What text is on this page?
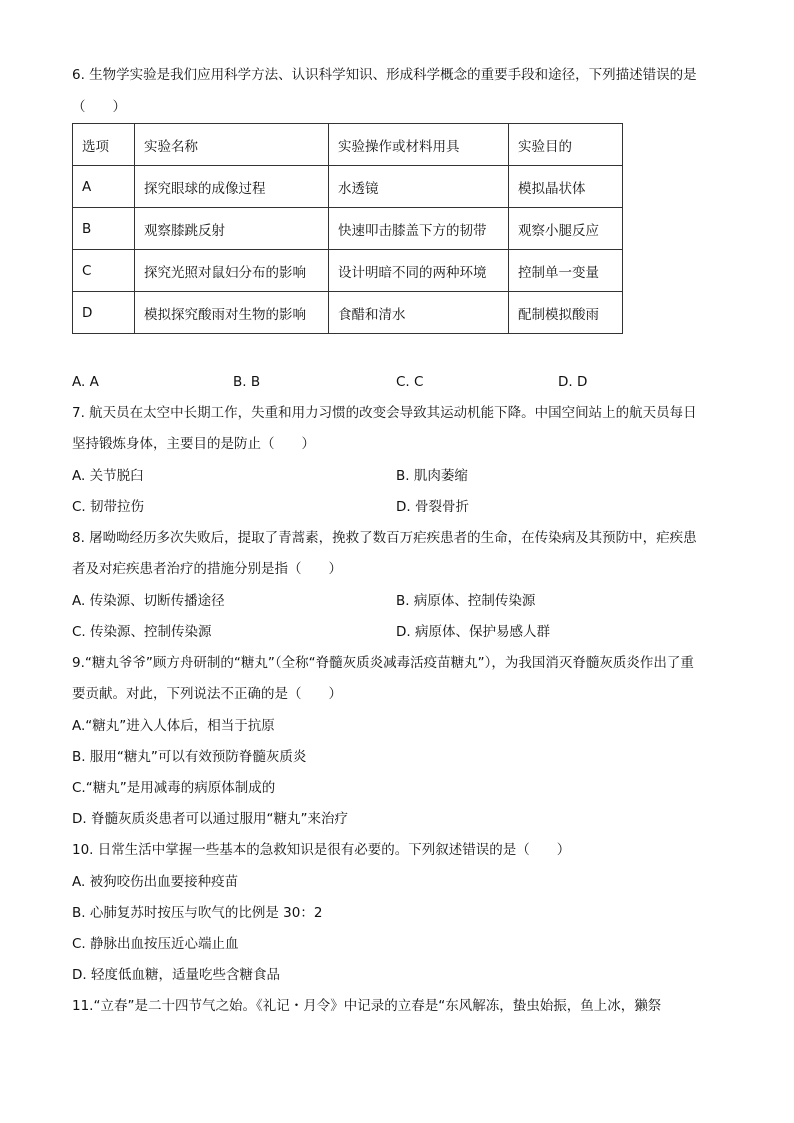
6. 生物学实验是我们应用科学方法、认识科学知识、形成科学概念的重要手段和途径，下列描述错误的是
（　　）
选项	实验名称	实验操作或材料用具	实验目的
A	探究眼球的成像过程	水透镜	模拟晶状体
B	观察膝跳反射	快速叩击膝盖下方的韧带	观察小腿反应
C	探究光照对鼠妇分布的影响	设计明暗不同的两种环境	控制单一变量
D	模拟探究酸雨对生物的影响	食醋和清水	配制模拟酸雨
A. A	B. B	C. C	D. D
7. 航天员在太空中长期工作，失重和用力习惯的改变会导致其运动机能下降。中国空间站上的航天员每日
坚持锻炼身体，主要目的是防止（　　）
A. 关节脱臼	B. 肌肉萎缩
C. 韧带拉伤	D. 骨裂骨折
8. 屠呦呦经历多次失败后，提取了青蒿素，挽救了数百万疟疾患者的生命，在传染病及其预防中，疟疾患
者及对疟疾患者治疗的措施分别是指（　　）
A. 传染源、切断传播途径	B. 病原体、控制传染源
C. 传染源、控制传染源	D. 病原体、保护易感人群
9.“糖丸爷爷”顾方舟研制的“糖丸”（全称“脊髓灰质炎减毒活疫苗糖丸”），为我国消灭脊髓灰质炎作出了重
要贡献。对此，下列说法不正确的是（　　）
A.“糖丸”进入人体后，相当于抗原
B. 服用“糖丸”可以有效预防脊髓灰质炎
C.“糖丸”是用减毒的病原体制成的
D. 脊髓灰质炎患者可以通过服用“糖丸”来治疗
10. 日常生活中掌握一些基本的急救知识是很有必要的。下列叙述错误的是（　　）
A. 被狗咬伤出血要接种疫苗
B. 心肺复苏时按压与吹气的比例是 30：2
C. 静脉出血按压近心端止血
D. 轻度低血糖，适量吃些含糖食品
11.“立春”是二十四节气之始。《礼记・月令》中记录的立春是“东风解冻，蛰虫始振，鱼上冰，獭祭
